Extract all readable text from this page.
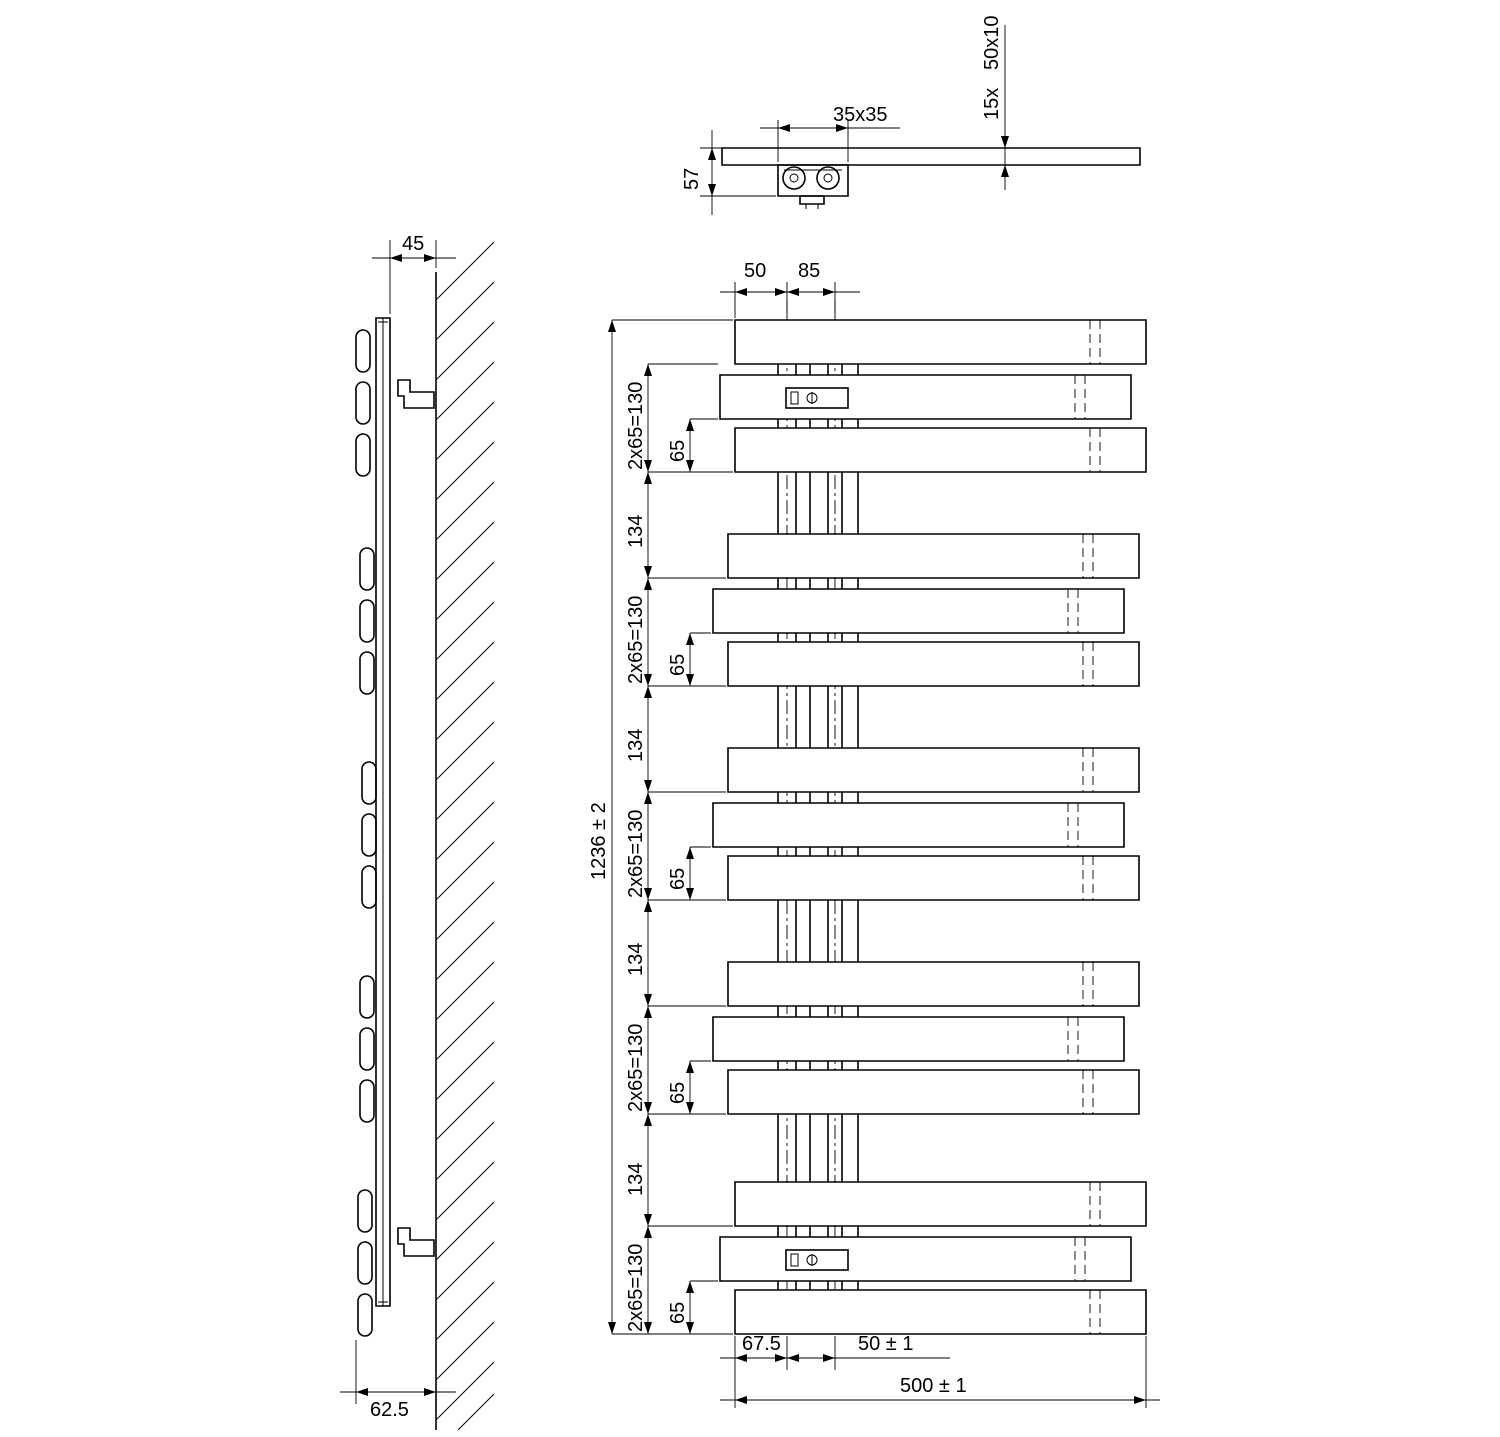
35x35
57
15x
50x10
45
62.5
50 85
1236 ± 2
2x65=130 65
134
2x65=130 65
134
2x65=130 65
134
2x65=130 65
134
2x65=130 65
67.5	50 ± 1
500 ± 1
